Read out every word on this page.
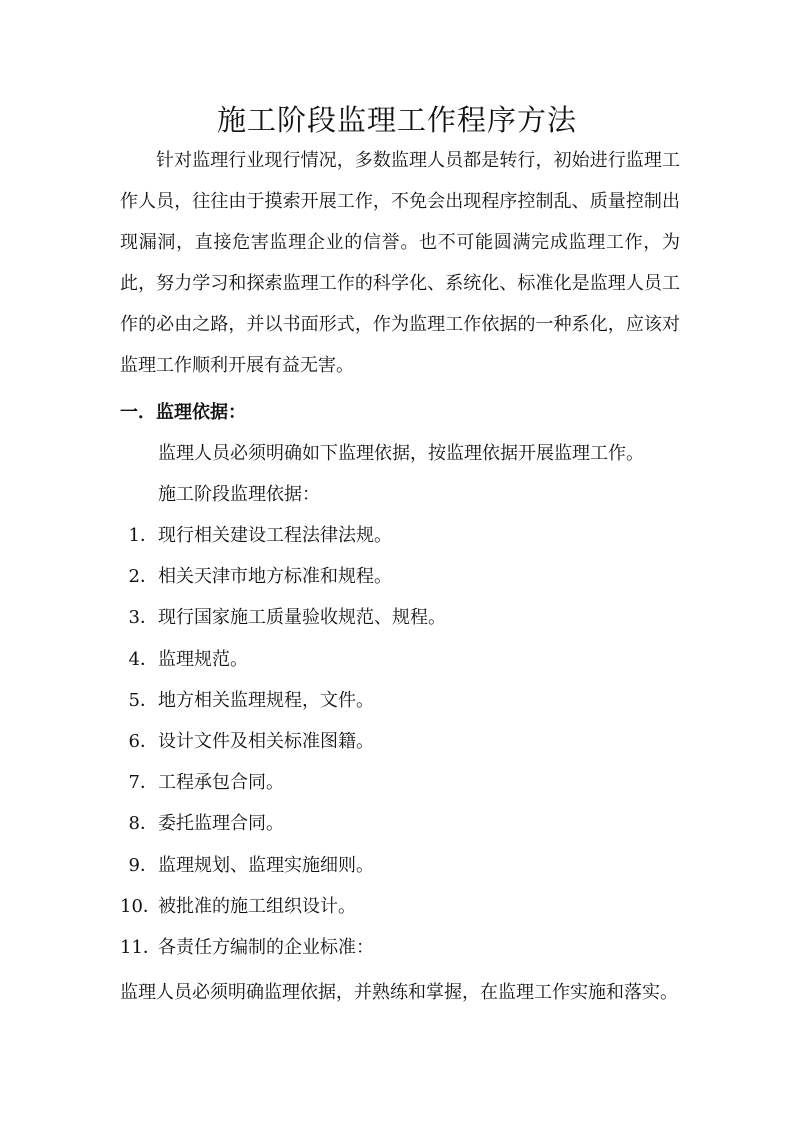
施工阶段监理工作程序方法
针对监理行业现行情况，多数监理人员都是转行，初始进行监理工作人员，往往由于摸索开展工作，不免会出现程序控制乱、质量控制出现漏洞，直接危害监理企业的信誉。也不可能圆满完成监理工作，为此，努力学习和探索监理工作的科学化、系统化、标准化是监理人员工作的必由之路，并以书面形式，作为监理工作依据的一种系化，应该对监理工作顺利开展有益无害。
一．监理依据：
监理人员必须明确如下监理依据，按监理依据开展监理工作。
施工阶段监理依据：
1．现行相关建设工程法律法规。
2．相关天津市地方标准和规程。
3．现行国家施工质量验收规范、规程。
4．监理规范。
5．地方相关监理规程，文件。
6．设计文件及相关标准图籍。
7．工程承包合同。
8．委托监理合同。
9．监理规划、监理实施细则。
10．被批准的施工组织设计。
11．各责任方编制的企业标准：
监理人员必须明确监理依据，并熟练和掌握，在监理工作实施和落实。
